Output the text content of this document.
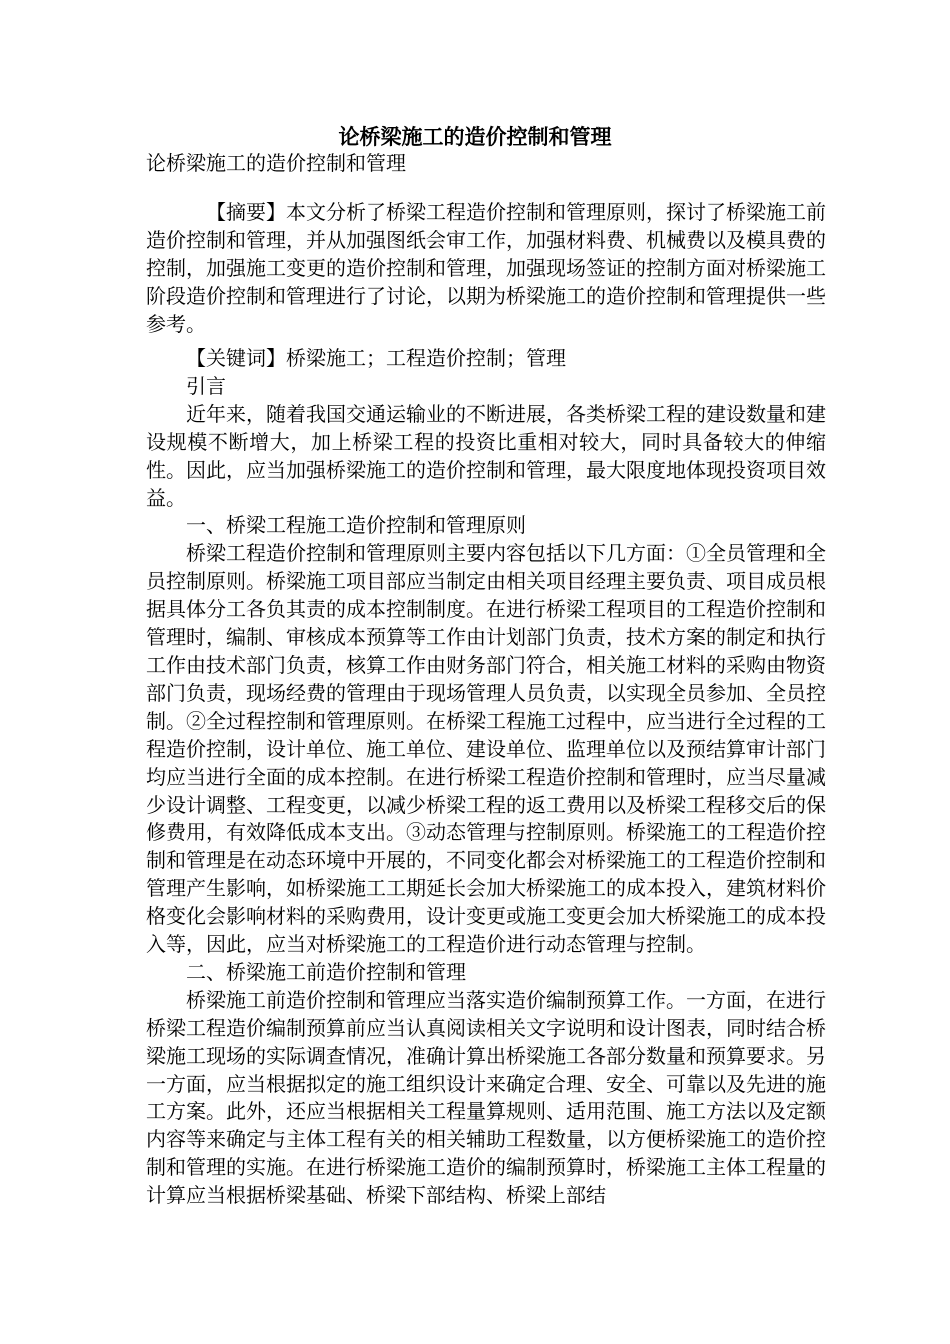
论桥梁施工的造价控制和管理
论桥梁施工的造价控制和管理
【摘要】本文分析了桥梁工程造价控制和管理原则，探讨了桥梁施工前造价控制和管理，并从加强图纸会审工作，加强材料费、机械费以及模具费的控制，加强施工变更的造价控制和管理，加强现场签证的控制方面对桥梁施工阶段造价控制和管理进行了讨论，以期为桥梁施工的造价控制和管理提供一些参考。

【关键词】桥梁施工；工程造价控制；管理

引言

近年来，随着我国交通运输业的不断进展，各类桥梁工程的建设数量和建设规模不断增大，加上桥梁工程的投资比重相对较大，同时具备较大的伸缩性。因此，应当加强桥梁施工的造价控制和管理，最大限度地体现投资项目效益。

一、桥梁工程施工造价控制和管理原则

桥梁工程造价控制和管理原则主要内容包括以下几方面：①全员管理和全员控制原则。桥梁施工项目部应当制定由相关项目经理主要负责、项目成员根据具体分工各负其责的成本控制制度。在进行桥梁工程项目的工程造价控制和管理时，编制、审核成本预算等工作由计划部门负责，技术方案的制定和执行工作由技术部门负责，核算工作由财务部门符合，相关施工材料的采购由物资部门负责，现场经费的管理由于现场管理人员负责，以实现全员参加、全员控制。②全过程控制和管理原则。在桥梁工程施工过程中，应当进行全过程的工程造价控制，设计单位、施工单位、建设单位、监理单位以及预结算审计部门均应当进行全面的成本控制。在进行桥梁工程造价控制和管理时，应当尽量减少设计调整、工程变更，以减少桥梁工程的返工费用以及桥梁工程移交后的保修费用，有效降低成本支出。③动态管理与控制原则。桥梁施工的工程造价控制和管理是在动态环境中开展的，不同变化都会对桥梁施工的工程造价控制和管理产生影响，如桥梁施工工期延长会加大桥梁施工的成本投入，建筑材料价格变化会影响材料的采购费用，设计变更或施工变更会加大桥梁施工的成本投入等，因此，应当对桥梁施工的工程造价进行动态管理与控制。

二、桥梁施工前造价控制和管理

桥梁施工前造价控制和管理应当落实造价编制预算工作。一方面，在进行桥梁工程造价编制预算前应当认真阅读相关文字说明和设计图表，同时结合桥梁施工现场的实际调查情况，准确计算出桥梁施工各部分数量和预算要求。另一方面，应当根据拟定的施工组织设计来确定合理、安全、可靠以及先进的施工方案。此外，还应当根据相关工程量算规则、适用范围、施工方法以及定额内容等来确定与主体工程有关的相关辅助工程数量，以方便桥梁施工的造价控制和管理的实施。在进行桥梁施工造价的编制预算时，桥梁施工主体工程量的计算应当根据桥梁基础、桥梁下部结构、桥梁上部结
